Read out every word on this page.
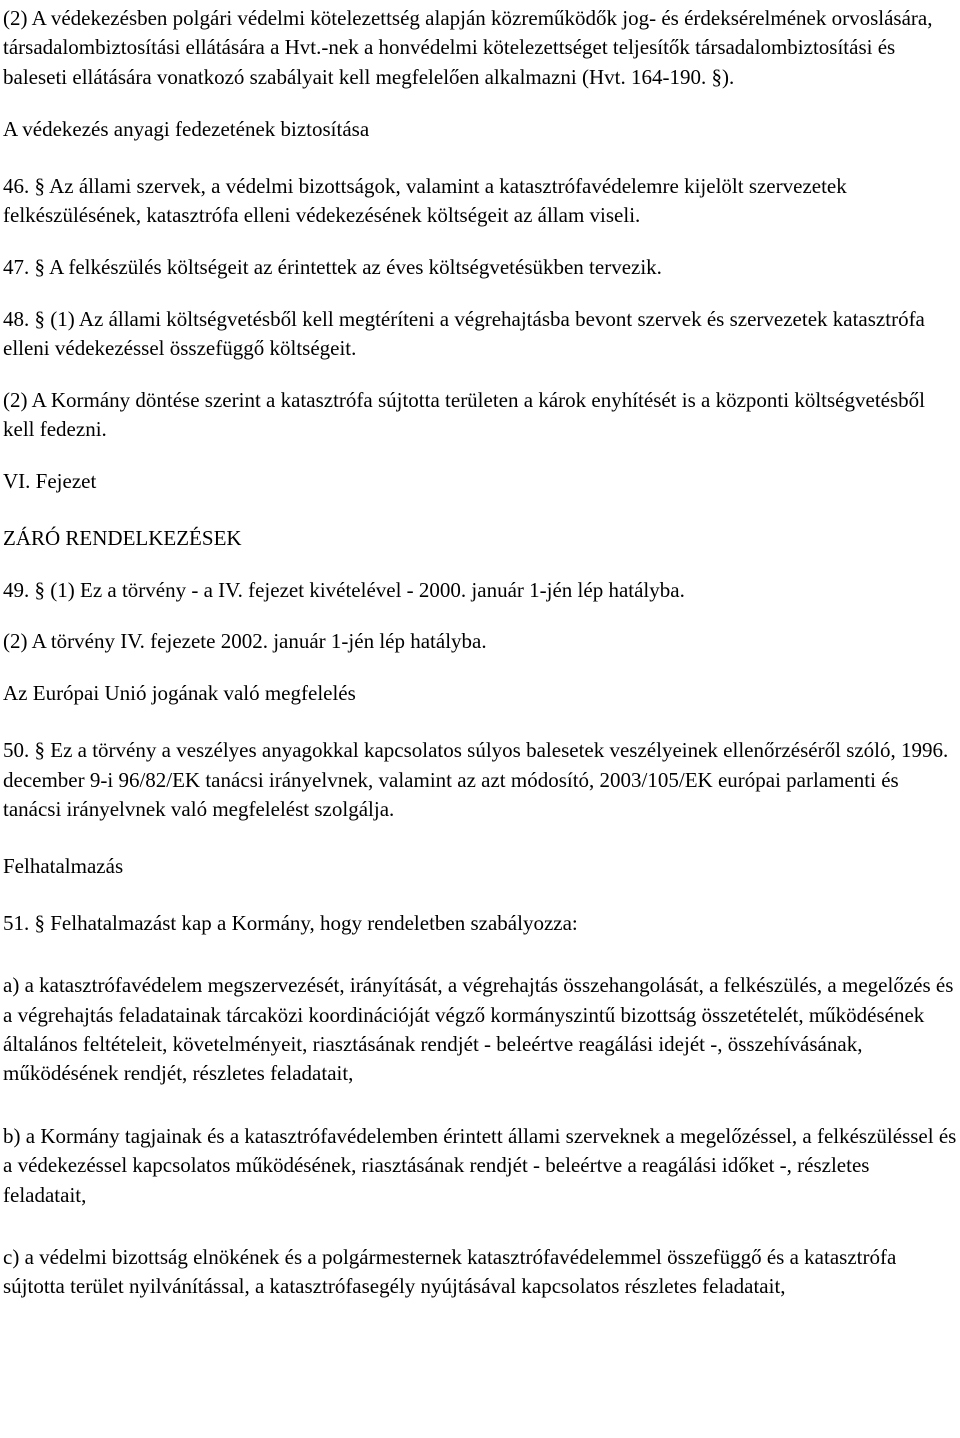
(2) A védekezésben polgári védelmi kötelezettség alapján közreműködők jog- és érdeksérelmének orvoslására, társadalombiztosítási ellátására a Hvt.-nek a honvédelmi kötelezettséget teljesítők társadalombiztosítási és baleseti ellátására vonatkozó szabályait kell megfelelően alkalmazni (Hvt. 164-190. §).

A védekezés anyagi fedezetének biztosítása

46. § Az állami szervek, a védelmi bizottságok, valamint a katasztrófavédelemre kijelölt szervezetek felkészülésének, katasztrófa elleni védekezésének költségeit az állam viseli.

47. § A felkészülés költségeit az érintettek az éves költségvetésükben tervezik.

48. § (1) Az állami költségvetésből kell megtéríteni a végrehajtásba bevont szervek és szervezetek katasztrófa elleni védekezéssel összefüggő költségeit.

(2) A Kormány döntése szerint a katasztrófa sújtotta területen a károk enyhítését is a központi költségvetésből kell fedezni.

VI. Fejezet

ZÁRÓ RENDELKEZÉSEK

49. § (1) Ez a törvény - a IV. fejezet kivételével - 2000. január 1-jén lép hatályba.

(2) A törvény IV. fejezete 2002. január 1-jén lép hatályba.

Az Európai Unió jogának való megfelelés

50. § Ez a törvény a veszélyes anyagokkal kapcsolatos súlyos balesetek veszélyeinek ellenőrzéséről szóló, 1996. december 9-i 96/82/EK tanácsi irányelvnek, valamint az azt módosító, 2003/105/EK európai parlamenti és tanácsi irányelvnek való megfelelést szolgálja.

Felhatalmazás

51. § Felhatalmazást kap a Kormány, hogy rendeletben szabályozza:

a) a katasztrófavédelem megszervezését, irányítását, a végrehajtás összehangolását, a felkészülés, a megelőzés és a végrehajtás feladatainak tárcaközi koordinációját végző kormányszintű bizottság összetételét, működésének általános feltételeit, követelményeit, riasztásának rendjét - beleértve reagálási idejét -, összehívásának, működésének rendjét, részletes feladatait,

b) a Kormány tagjainak és a katasztrófavédelemben érintett állami szerveknek a megelőzéssel, a felkészüléssel és a védekezéssel kapcsolatos működésének, riasztásának rendjét - beleértve a reagálási időket -, részletes feladatait,

c) a védelmi bizottság elnökének és a polgármesternek katasztrófavédelemmel összefüggő és a katasztrófa sújtotta terület nyilvánítással, a katasztrófasegély nyújtásával kapcsolatos részletes feladatait,
